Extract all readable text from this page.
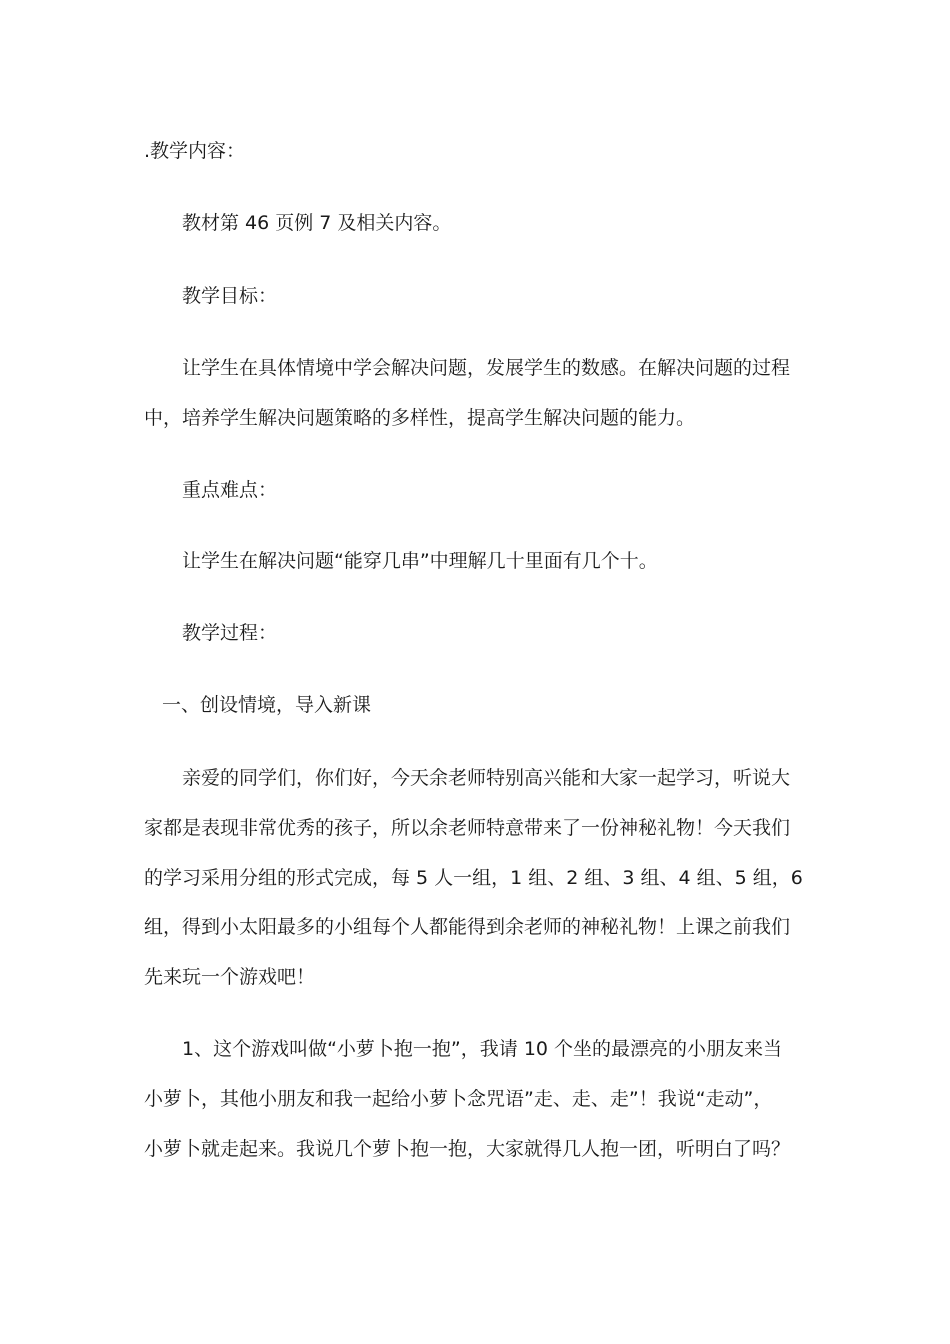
.教学内容：
教材第 46 页例 7 及相关内容。
教学目标：
让学生在具体情境中学会解决问题，发展学生的数感。在解决问题的过程
中，培养学生解决问题策略的多样性，提高学生解决问题的能力。
重点难点：
让学生在解决问题“能穿几串”中理解几十里面有几个十。
教学过程：
一、创设情境，导入新课
亲爱的同学们，你们好，今天余老师特别高兴能和大家一起学习，听说大
家都是表现非常优秀的孩子，所以余老师特意带来了一份神秘礼物！今天我们
的学习采用分组的形式完成，每 5 人一组，1 组、2 组、3 组、4 组、5 组，6
组，得到小太阳最多的小组每个人都能得到余老师的神秘礼物！上课之前我们
先来玩一个游戏吧！
1、这个游戏叫做“小萝卜抱一抱”，我请 10 个坐的最漂亮的小朋友来当
小萝卜，其他小朋友和我一起给小萝卜念咒语”走、走、走”！我说“走动”，
小萝卜就走起来。我说几个萝卜抱一抱，大家就得几人抱一团，听明白了吗？
